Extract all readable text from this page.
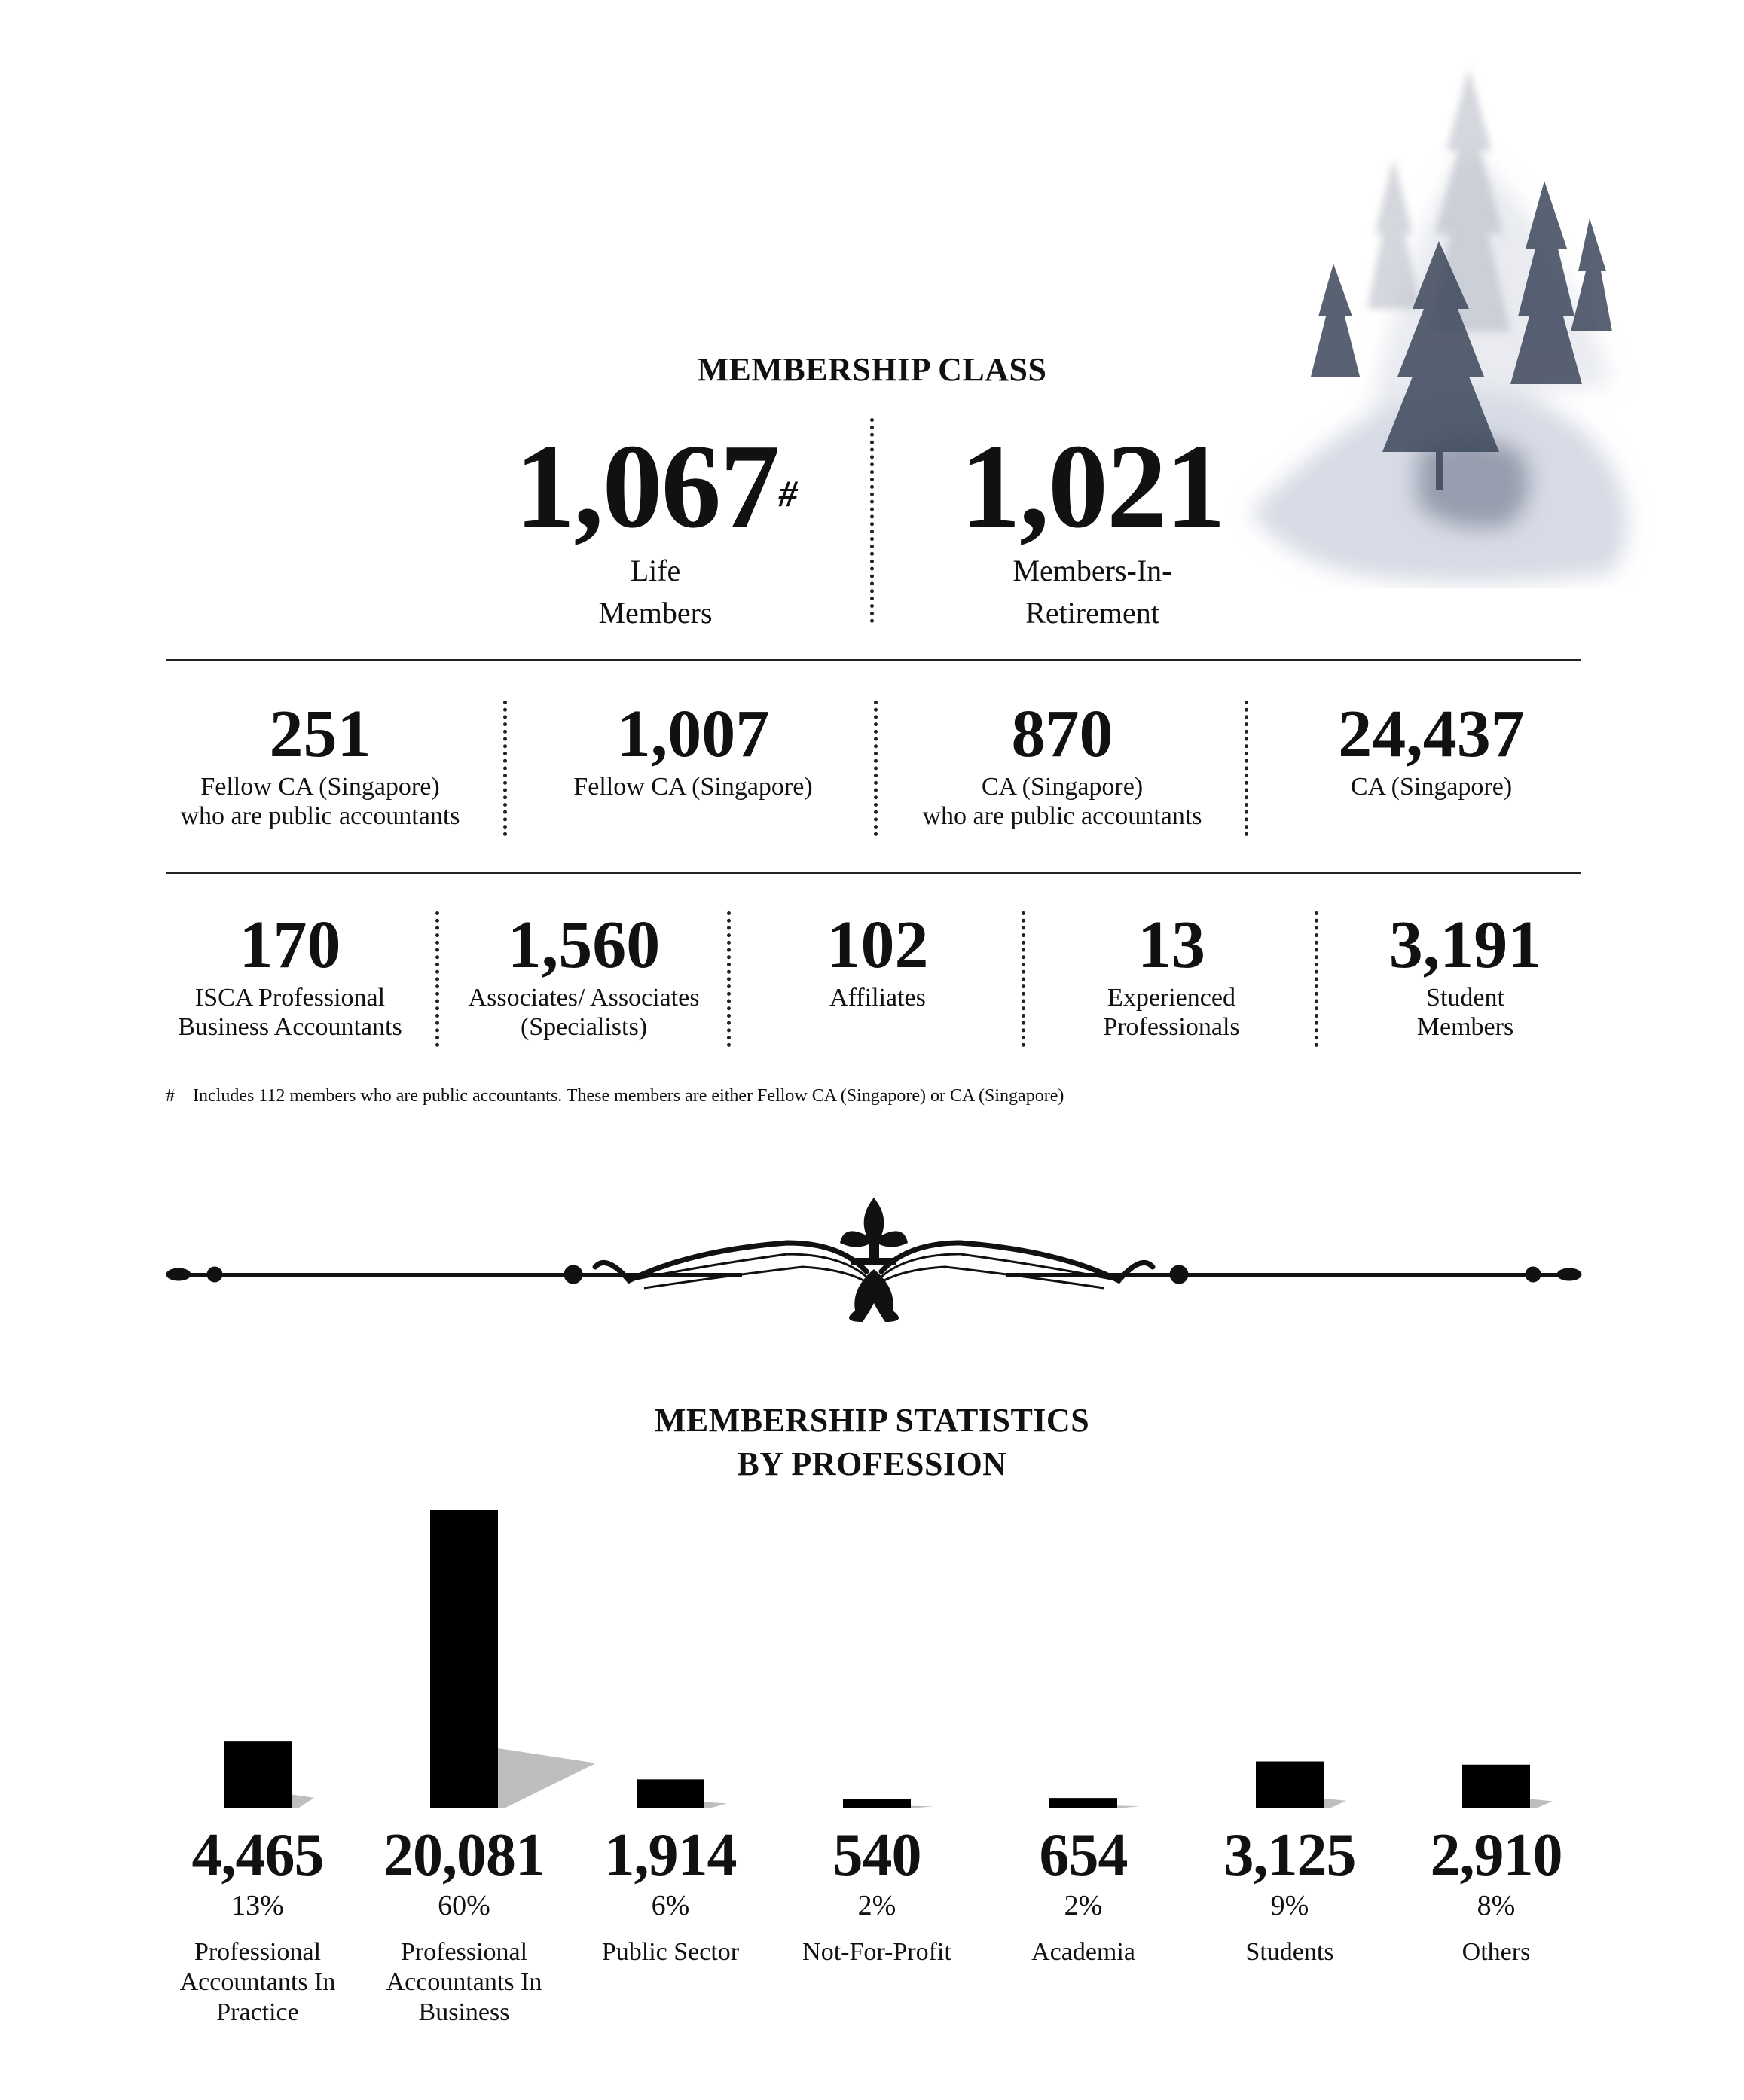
MEMBERSHIP CLASS
1,067#
Life
Members
1,021
Members-In-
Retirement
251
Fellow CA (Singapore)
who are public accountants
1,007
Fellow CA (Singapore)
870
CA (Singapore)
who are public accountants
24,437
CA (Singapore)
170
ISCA Professional
Business Accountants
1,560
Associates/ Associates
(Specialists)
102
Affiliates
13
Experienced
Professionals
3,191
Student
Members
# Includes 112 members who are public accountants. These members are either Fellow CA (Singapore) or CA (Singapore)
MEMBERSHIP STATISTICS
BY PROFESSION
4,465
13%
Professional
Accountants In
Practice
20,081
60%
Professional
Accountants In
Business
1,914
6%
Public Sector
540
2%
Not-For-Profit
654
2%
Academia
3,125
9%
Students
2,910
8%
Others
